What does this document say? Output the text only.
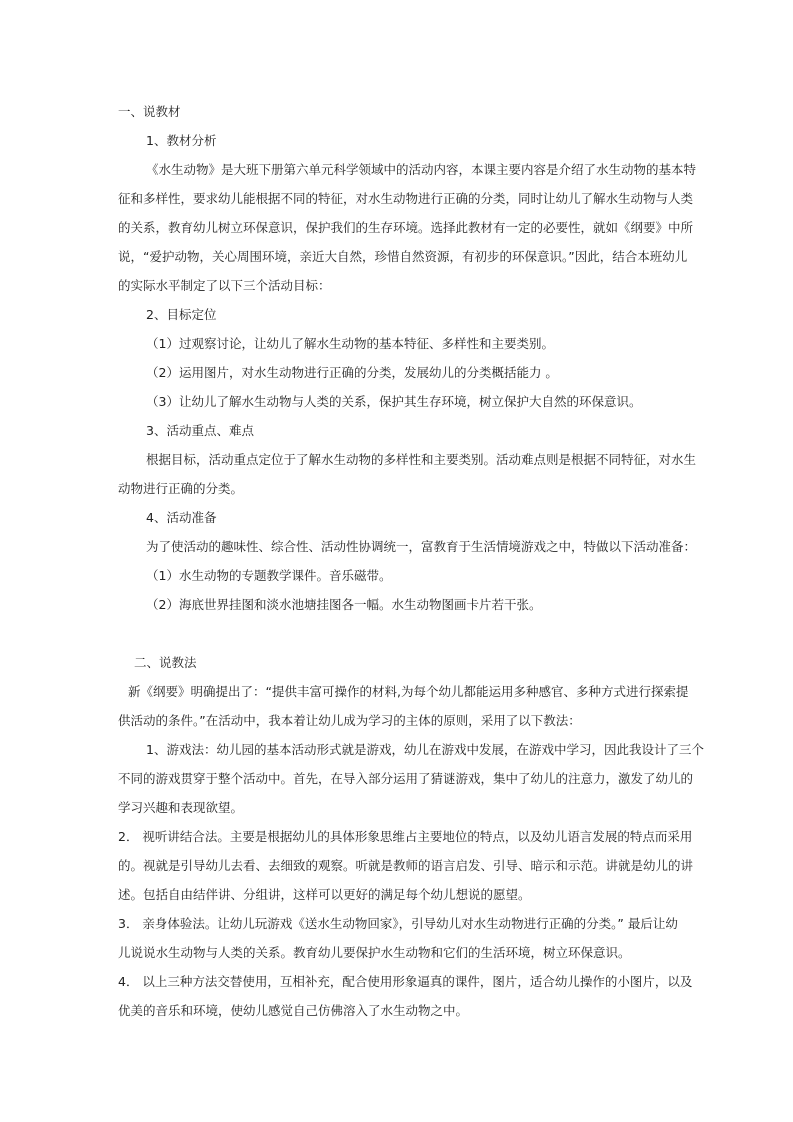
一、说教材
1、教材分析
《水生动物》是大班下册第六单元科学领域中的活动内容，本课主要内容是介绍了水生动物的基本特
征和多样性，要求幼儿能根据不同的特征，对水生动物进行正确的分类，同时让幼儿了解水生动物与人类
的关系，教育幼儿树立环保意识，保护我们的生存环境。选择此教材有一定的必要性，就如《纲要》中所
说，“爱护动物，关心周围环境，亲近大自然，珍惜自然资源，有初步的环保意识。”因此，结合本班幼儿
的实际水平制定了以下三个活动目标：
2、目标定位
（1）过观察讨论，让幼儿了解水生动物的基本特征、多样性和主要类别。
（2）运用图片，对水生动物进行正确的分类，发展幼儿的分类概括能力 。
（3）让幼儿了解水生动物与人类的关系，保护其生存环境，树立保护大自然的环保意识。
3、活动重点、难点
根据目标，活动重点定位于了解水生动物的多样性和主要类别。活动难点则是根据不同特征，对水生
动物进行正确的分类。
4、活动准备
为了使活动的趣味性、综合性、活动性协调统一，富教育于生活情境游戏之中，特做以下活动准备：
（1）水生动物的专题教学课件。音乐磁带。
（2）海底世界挂图和淡水池塘挂图各一幅。水生动物图画卡片若干张。
二、说教法
新《纲要》明确提出了：“提供丰富可操作的材料,为每个幼儿都能运用多种感官、多种方式进行探索提
供活动的条件。”在活动中，我本着让幼儿成为学习的主体的原则，采用了以下教法：
1、游戏法：幼儿园的基本活动形式就是游戏，幼儿在游戏中发展，在游戏中学习，因此我设计了三个
不同的游戏贯穿于整个活动中。首先，在导入部分运用了猜谜游戏，集中了幼儿的注意力，激发了幼儿的
学习兴趣和表现欲望。
2． 视听讲结合法。主要是根据幼儿的具体形象思维占主要地位的特点，以及幼儿语言发展的特点而采用
的。视就是引导幼儿去看、去细致的观察。听就是教师的语言启发、引导、暗示和示范。讲就是幼儿的讲
述。包括自由结伴讲、分组讲，这样可以更好的满足每个幼儿想说的愿望。
3． 亲身体验法。让幼儿玩游戏《送水生动物回家》，引导幼儿对水生动物进行正确的分类。” 最后让幼
儿说说水生动物与人类的关系。教育幼儿要保护水生动物和它们的生活环境，树立环保意识。
4． 以上三种方法交替使用，互相补充，配合使用形象逼真的课件，图片，适合幼儿操作的小图片，以及
优美的音乐和环境，使幼儿感觉自己仿佛溶入了水生动物之中。
